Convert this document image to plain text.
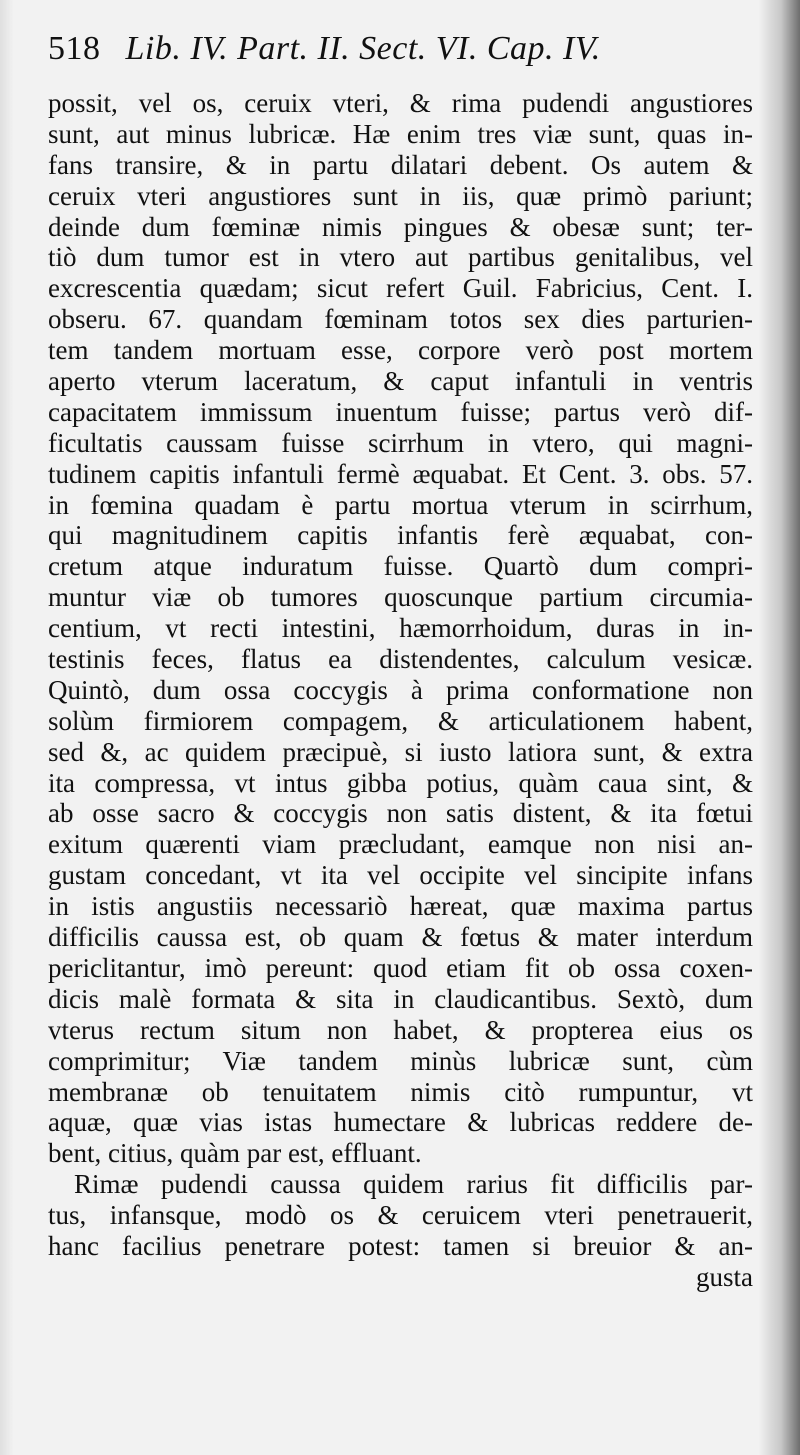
518 Lib. IV. Part. II. Sect. VI. Cap. IV.
possit, vel os, ceruix vteri, & rima pudendi angustiores
sunt, aut minus lubricæ. Hæ enim tres viæ sunt, quas in-
fans transire, & in partu dilatari debent. Os autem &
ceruix vteri angustiores sunt in iis, quæ primò pariunt;
deinde dum fœminæ nimis pingues & obesæ sunt; ter-
tiò dum tumor est in vtero aut partibus genitalibus, vel
excrescentia quædam; sicut refert Guil. Fabricius, Cent. I.
obseru. 67. quandam fœminam totos sex dies parturien-
tem tandem mortuam esse, corpore verò post mortem
aperto vterum laceratum, & caput infantuli in ventris
capacitatem immissum inuentum fuisse; partus verò dif-
ficultatis caussam fuisse scirrhum in vtero, qui magni-
tudinem capitis infantuli fermè æquabat. Et Cent. 3. obs. 57.
in fœmina quadam è partu mortua vterum in scirrhum,
qui magnitudinem capitis infantis ferè æquabat, con-
cretum atque induratum fuisse. Quartò dum compri-
muntur viæ ob tumores quoscunque partium circumia-
centium, vt recti intestini, hæmorrhoidum, duras in in-
testinis feces, flatus ea distendentes, calculum vesicæ.
Quintò, dum ossa coccygis à prima conformatione non
solùm firmiorem compagem, & articulationem habent,
sed &, ac quidem præcipuè, si iusto latiora sunt, & extra
ita compressa, vt intus gibba potius, quàm caua sint, &
ab osse sacro & coccygis non satis distent, & ita fœtui
exitum quærenti viam præcludant, eamque non nisi an-
gustam concedant, vt ita vel occipite vel sincipite infans
in istis angustiis necessariò hæreat, quæ maxima partus
difficilis caussa est, ob quam & fœtus & mater interdum
periclitantur, imò pereunt: quod etiam fit ob ossa coxen-
dicis malè formata & sita in claudicantibus. Sextò, dum
vterus rectum situm non habet, & propterea eius os
comprimitur; Viæ tandem minùs lubricæ sunt, cùm
membranæ ob tenuitatem nimis citò rumpuntur, vt
aquæ, quæ vias istas humectare & lubricas reddere de-
bent, citius, quàm par est, effluant.
Rimæ pudendi caussa quidem rarius fit difficilis par-
tus, infansque, modò os & ceruicem vteri penetrauerit,
hanc facilius penetrare potest: tamen si breuior & an-
gusta
